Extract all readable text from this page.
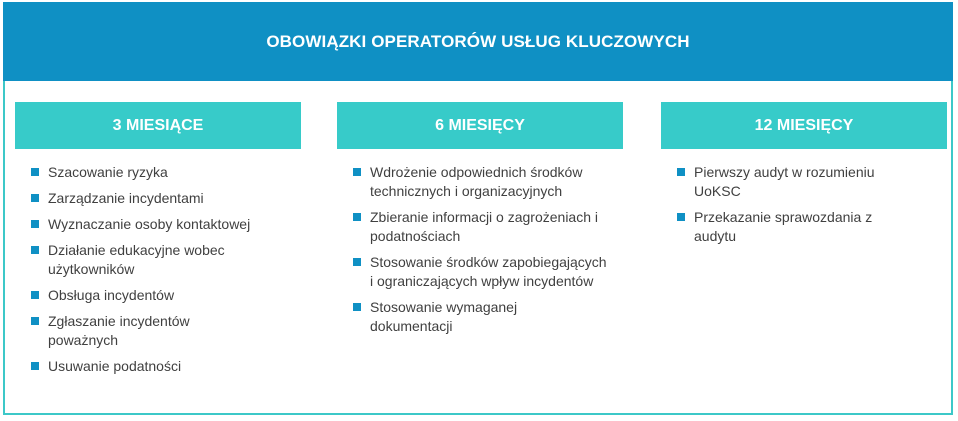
OBOWIĄZKI OPERATORÓW USŁUG KLUCZOWYCH
3 MIESIĄCE
Szacowanie ryzyka
Zarządzanie incydentami
Wyznaczanie osoby kontaktowej
Działanie edukacyjne wobec użytkowników
Obsługa incydentów
Zgłaszanie incydentów poważnych
Usuwanie podatności
6 MIESIĘCY
Wdrożenie odpowiednich środków technicznych i organizacyjnych
Zbieranie informacji o zagrożeniach i podatnościach
Stosowanie środków zapobiegających i ograniczających wpływ incydentów
Stosowanie wymaganej dokumentacji
12 MIESIĘCY
Pierwszy audyt w rozumieniu UoKSC
Przekazanie sprawozdania z audytu
